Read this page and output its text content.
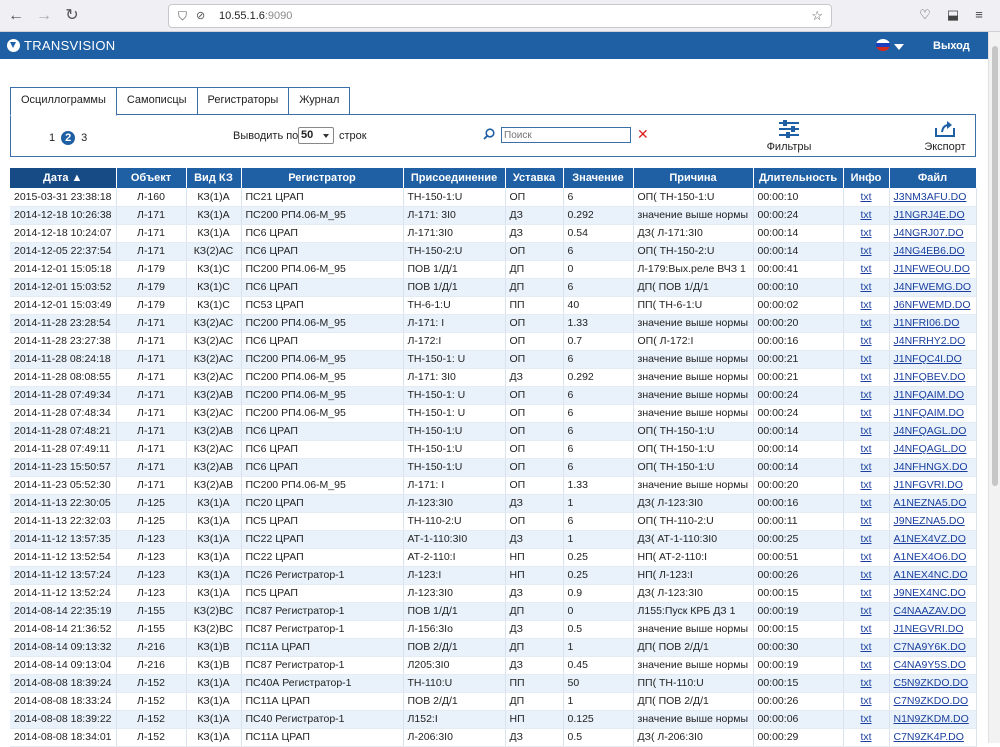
← → ↻	⛉ ⊘ 10.55.1.6:9090	☆	♡ ⬓	≡
TRANSVISION	Выход
Осциллограммы	Самописцы	Регистраторы	Журнал
1 2 3	Выводить по 50	строк
Поиск	✕
Фильтры	Экспорт
Дата ▲	Объект	Вид КЗ	Регистратор	Присоединение	Уставка	Значение	Причина	Длительность	Инфо	Файл
2015-03-31 23:38:18	Л-160	КЗ(1)А	ПС21 ЦРАП	ТН-150-1:U	ОП	6	ОП( ТН-150-1:U	00:00:10	txt	J3NM3AFU.DO
2014-12-18 10:26:38	Л-171	КЗ(1)А	ПС200 РП4.06-М_95	Л-171: 3I0	ДЗ	0.292	значение выше нормы	00:00:24	txt	J1NGRJ4E.DO
2014-12-18 10:24:07	Л-171	КЗ(1)А	ПС6 ЦРАП	Л-171:3I0	ДЗ	0.54	ДЗ( Л-171:3I0	00:00:14	txt	J4NGRJ07.DO
2014-12-05 22:37:54	Л-171	КЗ(2)АС	ПС6 ЦРАП	ТН-150-2:U	ОП	6	ОП( ТН-150-2:U	00:00:14	txt	J4NG4EB6.DO
2014-12-01 15:05:18	Л-179	КЗ(1)С	ПС200 РП4.06-М_95	ПОВ 1/Д/1	ДП	0	Л-179:Вых.реле ВЧЗ 1	00:00:41	txt	J1NFWEOU.DO
2014-12-01 15:03:52	Л-179	КЗ(1)С	ПС6 ЦРАП	ПОВ 1/Д/1	ДП	6	ДП( ПОВ 1/Д/1	00:00:10	txt	J4NFWEMG.DO
2014-12-01 15:03:49	Л-179	КЗ(1)С	ПС53 ЦРАП	ТН-6-1:U	ПП	40	ПП( ТН-6-1:U	00:00:02	txt	J6NFWEMD.DO
2014-11-28 23:28:54	Л-171	КЗ(2)АС	ПС200 РП4.06-М_95	Л-171: I	ОП	1.33	значение выше нормы	00:00:20	txt	J1NFRI06.DO
2014-11-28 23:27:38	Л-171	КЗ(2)АС	ПС6 ЦРАП	Л-172:I	ОП	0.7	ОП( Л-172:I	00:00:16	txt	J4NFRHY2.DO
2014-11-28 08:24:18	Л-171	КЗ(2)АС	ПС200 РП4.06-М_95	ТН-150-1: U	ОП	6	значение выше нормы	00:00:21	txt	J1NFQC4I.DO
2014-11-28 08:08:55	Л-171	КЗ(2)АС	ПС200 РП4.06-М_95	Л-171: 3I0	ДЗ	0.292	значение выше нормы	00:00:21	txt	J1NFQBEV.DO
2014-11-28 07:49:34	Л-171	КЗ(2)АВ	ПС200 РП4.06-М_95	ТН-150-1: U	ОП	6	значение выше нормы	00:00:24	txt	J1NFQAIM.DO
2014-11-28 07:48:34	Л-171	КЗ(2)АС	ПС200 РП4.06-М_95	ТН-150-1: U	ОП	6	значение выше нормы	00:00:24	txt	J1NFQAIM.DO
2014-11-28 07:48:21	Л-171	КЗ(2)АВ	ПС6 ЦРАП	ТН-150-1:U	ОП	6	ОП( ТН-150-1:U	00:00:14	txt	J4NFQAGL.DO
2014-11-28 07:49:11	Л-171	КЗ(2)АС	ПС6 ЦРАП	ТН-150-1:U	ОП	6	ОП( ТН-150-1:U	00:00:14	txt	J4NFQAGL.DO
2014-11-23 15:50:57	Л-171	КЗ(2)АВ	ПС6 ЦРАП	ТН-150-1:U	ОП	6	ОП( ТН-150-1:U	00:00:14	txt	J4NFHNGX.DO
2014-11-23 05:52:30	Л-171	КЗ(2)АВ	ПС200 РП4.06-М_95	Л-171: I	ОП	1.33	значение выше нормы	00:00:20	txt	J1NFGVRI.DO
2014-11-13 22:30:05	Л-125	КЗ(1)А	ПС20 ЦРАП	Л-123:3I0	ДЗ	1	ДЗ( Л-123:3I0	00:00:16	txt	A1NEZNA5.DO
2014-11-13 22:32:03	Л-125	КЗ(1)А	ПС5 ЦРАП	ТН-110-2:U	ОП	6	ОП( ТН-110-2:U	00:00:11	txt	J9NEZNA5.DO
2014-11-12 13:57:35	Л-123	КЗ(1)А	ПС22 ЦРАП	АТ-1-110:3I0	ДЗ	1	ДЗ( АТ-1-110:3I0	00:00:25	txt	A1NEX4VZ.DO
2014-11-12 13:52:54	Л-123	КЗ(1)А	ПС22 ЦРАП	АТ-2-110:I	НП	0.25	НП( АТ-2-110:I	00:00:51	txt	A1NEX4O6.DO
2014-11-12 13:57:24	Л-123	КЗ(1)А	ПС26 Регистратор-1	Л-123:I	НП	0.25	НП( Л-123:I	00:00:26	txt	A1NEX4NC.DO
2014-11-12 13:52:24	Л-123	КЗ(1)А	ПС5 ЦРАП	Л-123:3I0	ДЗ	0.9	ДЗ( Л-123:3I0	00:00:15	txt	J9NEX4NC.DO
2014-08-14 22:35:19	Л-155	КЗ(2)ВС	ПС87 Регистратор-1	ПОВ 1/Д/1	ДП	0	Л155:Пуск КРБ ДЗ 1	00:00:19	txt	C4NAAZAV.DO
2014-08-14 21:36:52	Л-155	КЗ(2)ВС	ПС87 Регистратор-1	Л-156:3Io	ДЗ	0.5	значение выше нормы	00:00:15	txt	J1NEGVRI.DO
2014-08-14 09:13:32	Л-216	КЗ(1)В	ПС11А ЦРАП	ПОВ 2/Д/1	ДП	1	ДП( ПОВ 2/Д/1	00:00:30	txt	C7NA9Y6K.DO
2014-08-14 09:13:04	Л-216	КЗ(1)В	ПС87 Регистратор-1	Л205:3I0	ДЗ	0.45	значение выше нормы	00:00:19	txt	C4NA9Y5S.DO
2014-08-08 18:39:24	Л-152	КЗ(1)А	ПС40А Регистратор-1	ТН-110:U	ПП	50	ПП( ТН-110:U	00:00:15	txt	C5N9ZKDO.DO
2014-08-08 18:33:24	Л-152	КЗ(1)А	ПС11А ЦРАП	ПОВ 2/Д/1	ДП	1	ДП( ПОВ 2/Д/1	00:00:26	txt	C7N9ZKDO.DO
2014-08-08 18:39:22	Л-152	КЗ(1)А	ПС40 Регистратор-1	Л152:I	НП	0.125	значение выше нормы	00:00:06	txt	N1N9ZKDM.DO
2014-08-08 18:34:01	Л-152	КЗ(1)А	ПС11А ЦРАП	Л-206:3I0	ДЗ	0.5	ДЗ( Л-206:3I0	00:00:29	txt	C7N9ZK4P.DO
